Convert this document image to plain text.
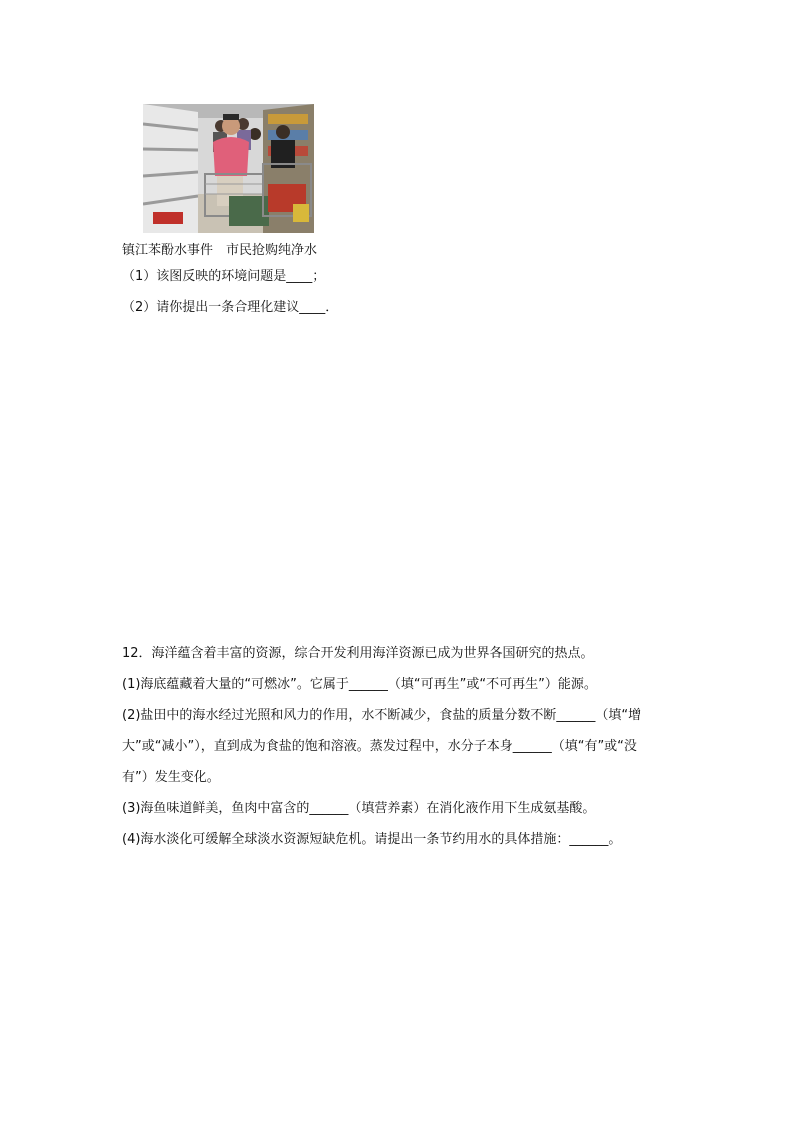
镇江苯酚水事件　市民抢购纯净水
（1）该图反映的环境问题是____；
（2）请你提出一条合理化建议____．
12．海洋蕴含着丰富的资源，综合开发利用海洋资源已成为世界各国研究的热点。
(1)海底蕴藏着大量的“可燃冰”。它属于______（填“可再生”或“不可再生”）能源。
(2)盐田中的海水经过光照和风力的作用，水不断减少，食盐的质量分数不断______（填“增
大”或“减小”），直到成为食盐的饱和溶液。蒸发过程中，水分子本身______（填“有”或“没
有”）发生变化。
(3)海鱼味道鲜美，鱼肉中富含的______（填营养素）在消化液作用下生成氨基酸。
(4)海水淡化可缓解全球淡水资源短缺危机。请提出一条节约用水的具体措施：______。
